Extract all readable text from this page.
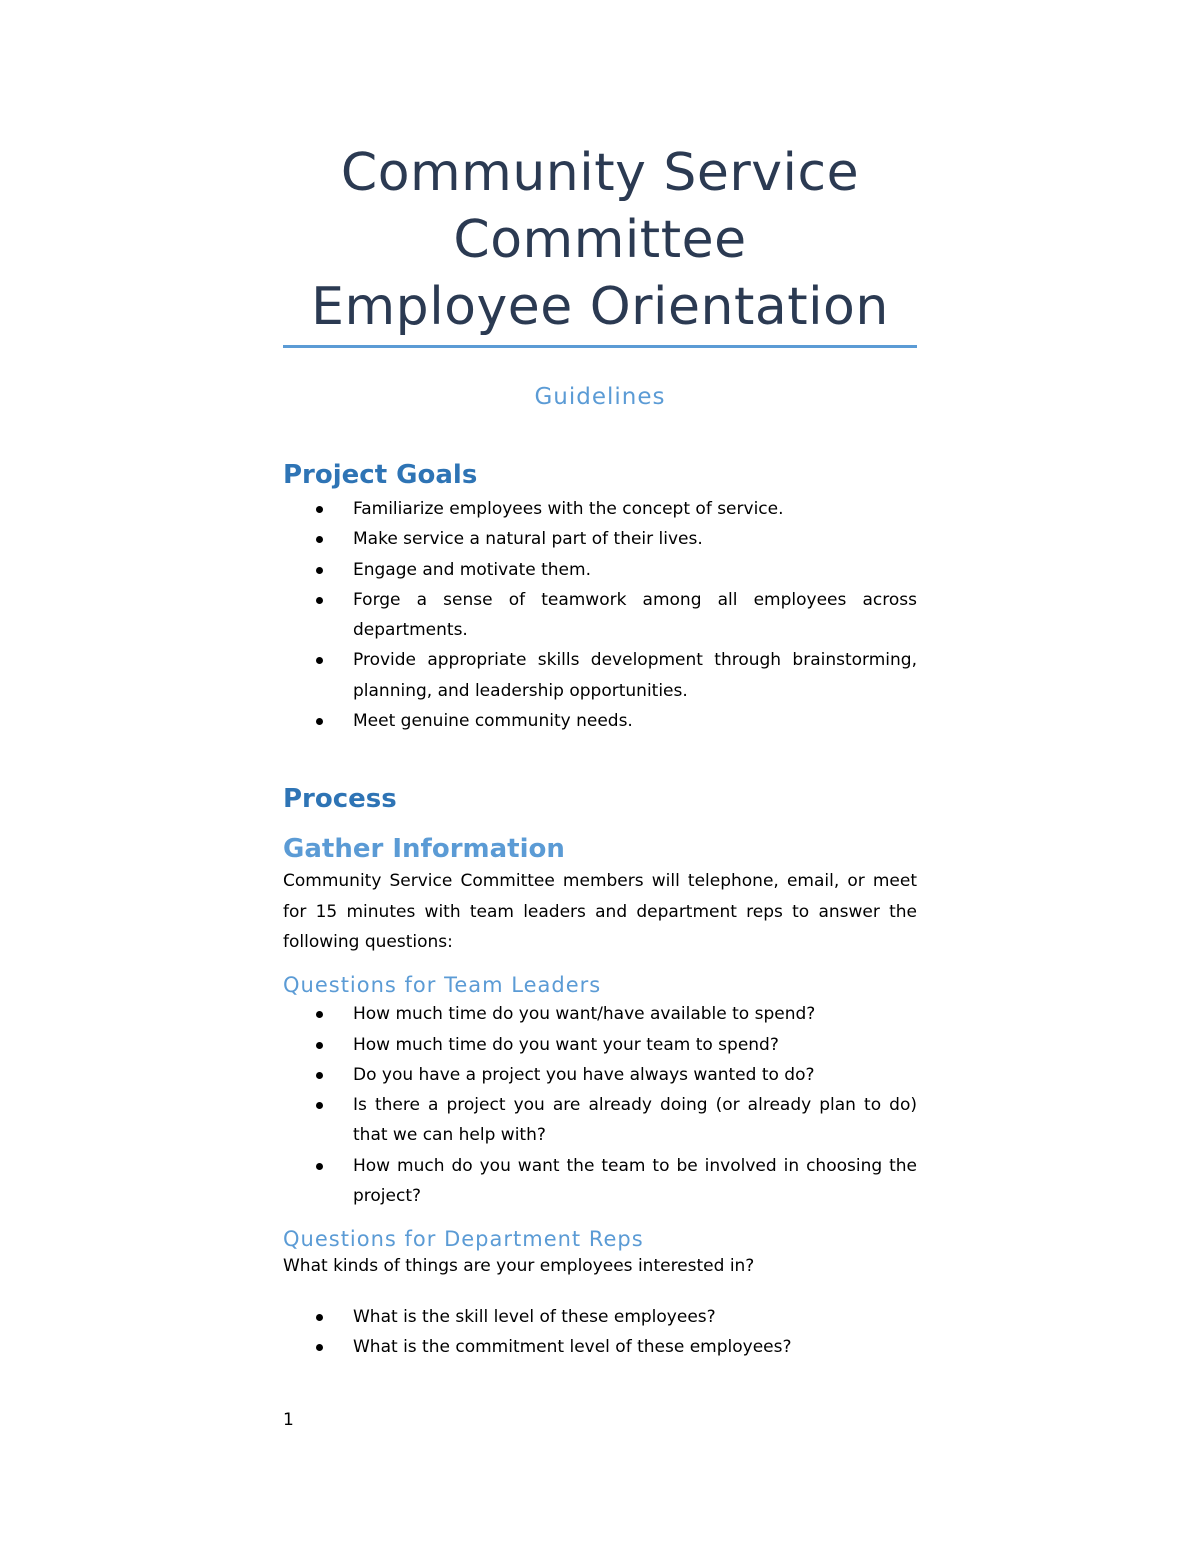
Community Service
Committee
Employee Orientation
Guidelines
Project Goals
Familiarize employees with the concept of service.
Make service a natural part of their lives.
Engage and motivate them.
Forge a sense of teamwork among all employees across departments.
Provide appropriate skills development through brainstorming, planning, and leadership opportunities.
Meet genuine community needs.
Process
Gather Information

Community Service Committee members will telephone, email, or meet for 15 minutes with team leaders and department reps to answer the following questions:

Questions for Team Leaders
How much time do you want/have available to spend?
How much time do you want your team to spend?
Do you have a project you have always wanted to do?
Is there a project you are already doing (or already plan to do) that we can help with?
How much do you want the team to be involved in choosing the project?
Questions for Department Reps

What kinds of things are your employees interested in?

What is the skill level of these employees?
What is the commitment level of these employees?
1
